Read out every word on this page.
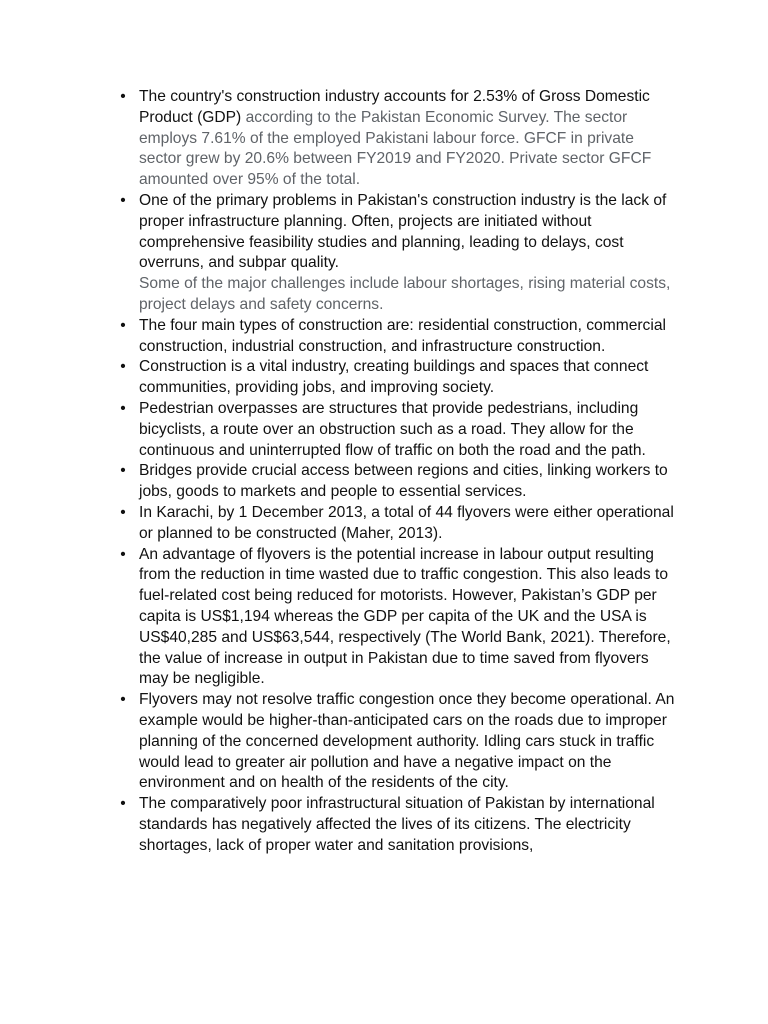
• The country's construction industry accounts for 2.53% of Gross Domestic Product (GDP) according to the Pakistan Economic Survey. The sector employs 7.61% of the employed Pakistani labour force. GFCF in private sector grew by 20.6% between FY2019 and FY2020. Private sector GFCF amounted over 95% of the total.
• One of the primary problems in Pakistan's construction industry is the lack of proper infrastructure planning. Often, projects are initiated without comprehensive feasibility studies and planning, leading to delays, cost overruns, and subpar quality.
Some of the major challenges include labour shortages, rising material costs, project delays and safety concerns.
• The four main types of construction are: residential construction, commercial construction, industrial construction, and infrastructure construction.
• Construction is a vital industry, creating buildings and spaces that connect communities, providing jobs, and improving society.
• Pedestrian overpasses are structures that provide pedestrians, including bicyclists, a route over an obstruction such as a road. They allow for the continuous and uninterrupted flow of traffic on both the road and the path.
• Bridges provide crucial access between regions and cities, linking workers to jobs, goods to markets and people to essential services.
• In Karachi, by 1 December 2013, a total of 44 flyovers were either operational or planned to be constructed (Maher, 2013).
• An advantage of flyovers is the potential increase in labour output resulting from the reduction in time wasted due to traffic congestion. This also leads to fuel-related cost being reduced for motorists. However, Pakistan’s GDP per capita is US$1,194 whereas the GDP per capita of the UK and the USA is US$40,285 and US$63,544, respectively (The World Bank, 2021). Therefore, the value of increase in output in Pakistan due to time saved from flyovers may be negligible.
• Flyovers may not resolve traffic congestion once they become operational. An example would be higher-than-anticipated cars on the roads due to improper planning of the concerned development authority. Idling cars stuck in traffic would lead to greater air pollution and have a negative impact on the environment and on health of the residents of the city.
• The comparatively poor infrastructural situation of Pakistan by international standards has negatively affected the lives of its citizens. The electricity shortages, lack of proper water and sanitation provisions,
